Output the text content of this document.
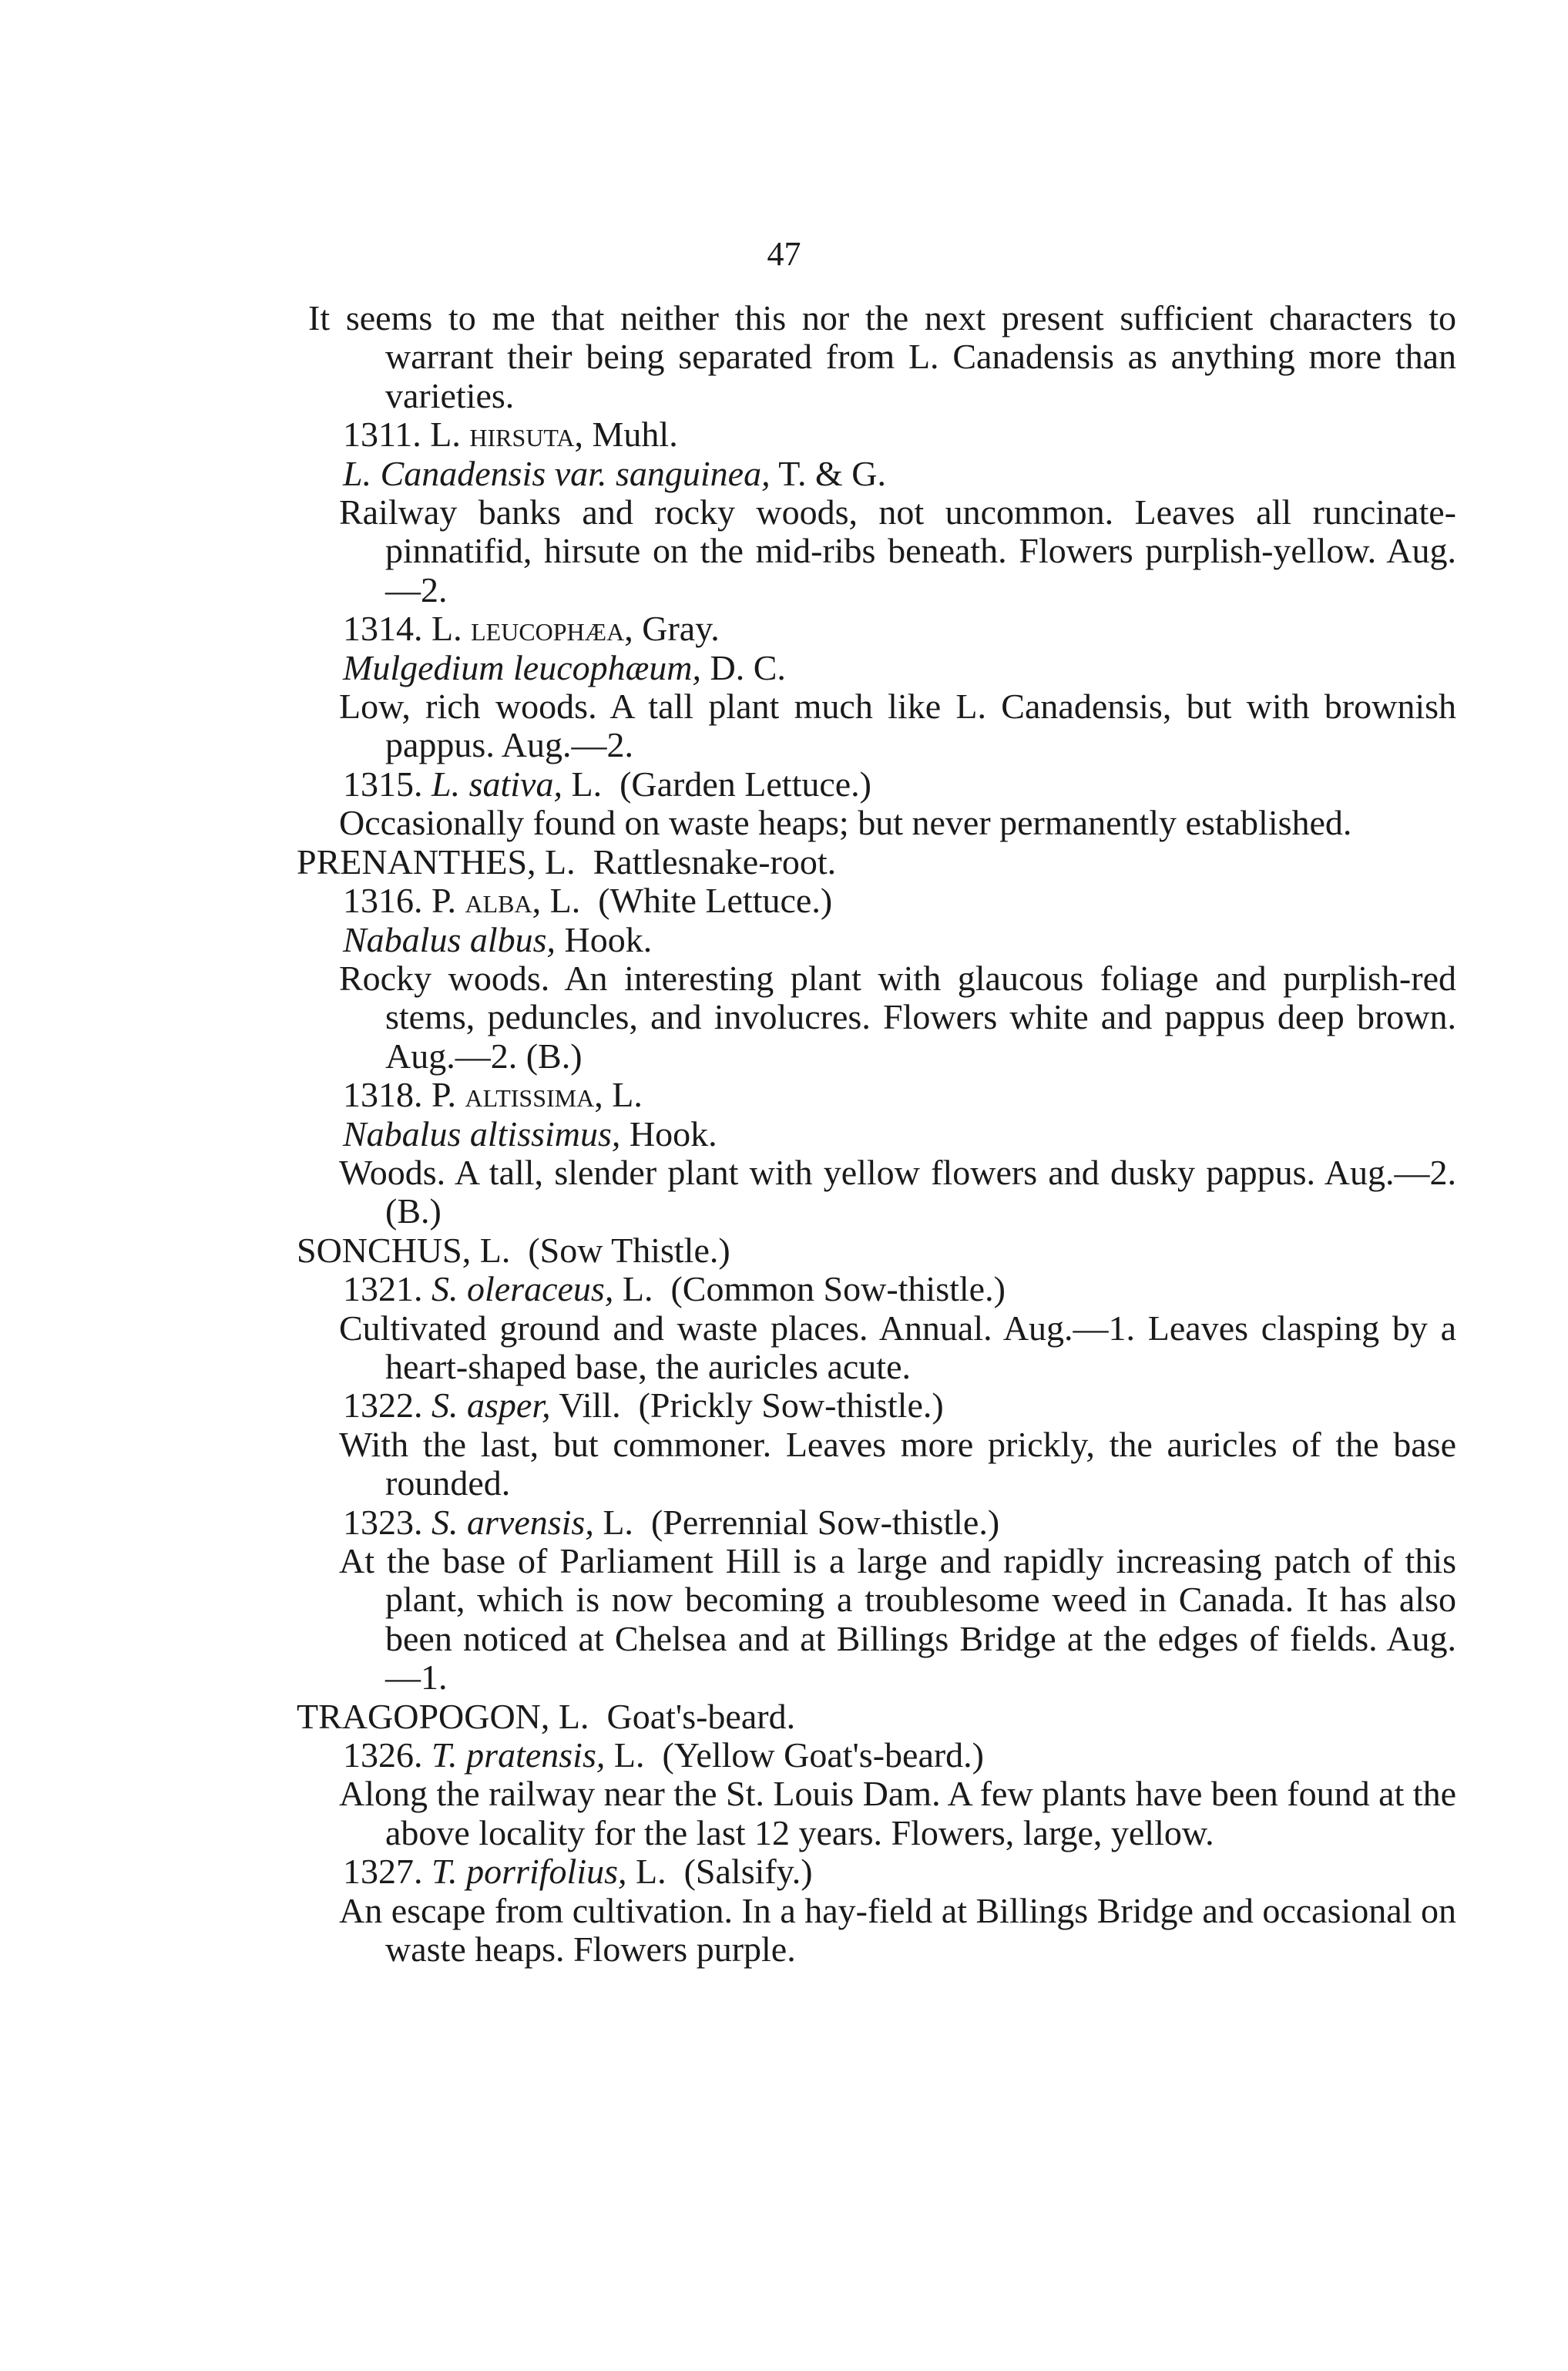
47
It seems to me that neither this nor the next present sufficient characters to warrant their being separated from L. Canadensis as anything more than varieties.
1311. L. hirsuta, Muhl.
L. Canadensis var. sanguinea, T. & G.
Railway banks and rocky woods, not uncommon. Leaves all runcinate-pinnatifid, hirsute on the mid-ribs beneath. Flowers purplish-yellow. Aug.—2.
1314. L. leucophæa, Gray.
Mulgedium leucophæum, D. C.
Low, rich woods. A tall plant much like L. Canadensis, but with brownish pappus. Aug.—2.
1315. L. sativa, L. (Garden Lettuce.)
Occasionally found on waste heaps; but never permanently established.
PRENANTHES, L. Rattlesnake-root.
1316. P. alba, L. (White Lettuce.)
Nabalus albus, Hook.
Rocky woods. An interesting plant with glaucous foliage and purplish-red stems, peduncles, and involucres. Flowers white and pappus deep brown. Aug.—2. (B.)
1318. P. altissima, L.
Nabalus altissimus, Hook.
Woods. A tall, slender plant with yellow flowers and dusky pappus. Aug.—2. (B.)
SONCHUS, L. (Sow Thistle.)
1321. S. oleraceus, L. (Common Sow-thistle.)
Cultivated ground and waste places. Annual. Aug.—1. Leaves clasping by a heart-shaped base, the auricles acute.
1322. S. asper, Vill. (Prickly Sow-thistle.)
With the last, but commoner. Leaves more prickly, the auricles of the base rounded.
1323. S. arvensis, L. (Perrennial Sow-thistle.)
At the base of Parliament Hill is a large and rapidly increasing patch of this plant, which is now becoming a troublesome weed in Canada. It has also been noticed at Chelsea and at Billings Bridge at the edges of fields. Aug.—1.
TRAGOPOGON, L. Goat's-beard.
1326. T. pratensis, L. (Yellow Goat's-beard.)
Along the railway near the St. Louis Dam. A few plants have been found at the above locality for the last 12 years. Flowers, large, yellow.
1327. T. porrifolius, L. (Salsify.)
An escape from cultivation. In a hay-field at Billings Bridge and occasional on waste heaps. Flowers purple.
